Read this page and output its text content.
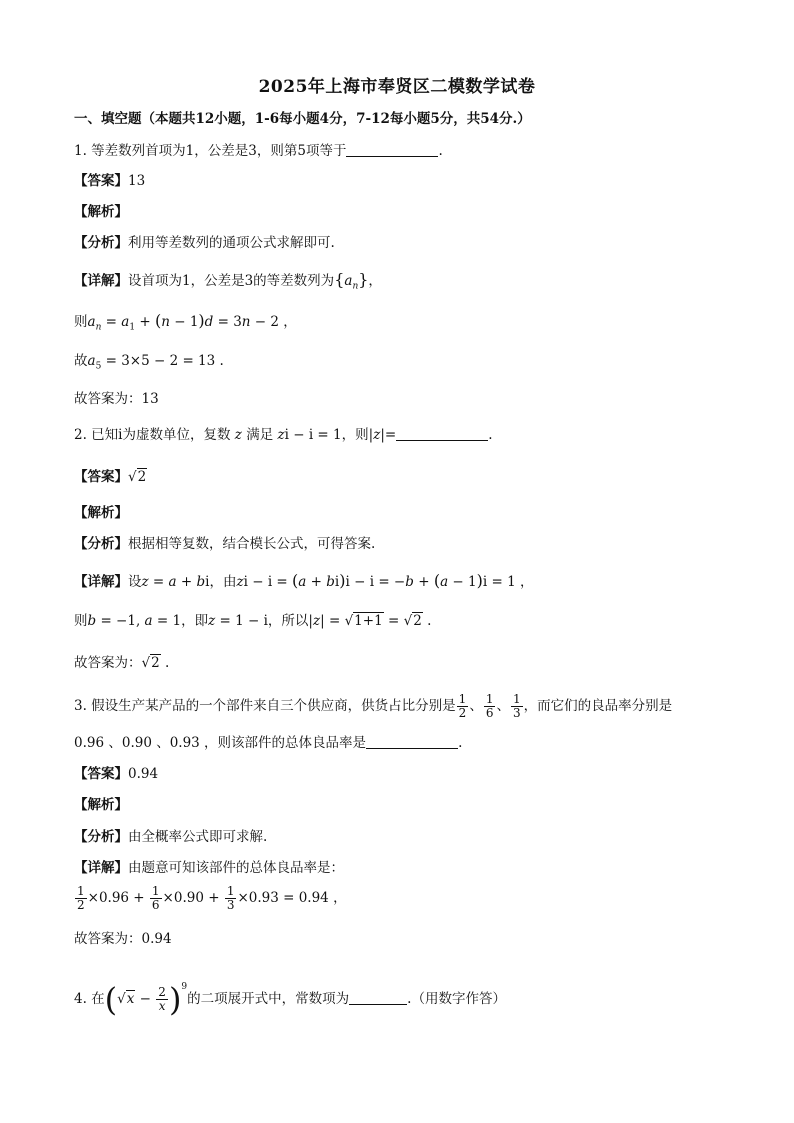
2025年上海市奉贤区二模数学试卷
一、填空题（本题共12小题，1-6每小题4分，7-12每小题5分，共54分.）
1. 等差数列首项为1，公差是3，则第5项等于	.
【答案】13
【解析】
【分析】利用等差数列的通项公式求解即可.
【详解】设首项为1，公差是3的等差数列为$\{a_n\}$，
则$a_n = a_1 + (n - 1)d = 3n - 2$ ，
故$a_5 = 3\times 5 - 2 = 13$ .
故答案为：13
2. 已知i为虚数单位，复数 z 满足 zi − i = 1，则|z|=	.
【答案】√2
【解析】
【分析】根据相等复数，结合模长公式，可得答案.
【详解】设z = a + bi，由zi − i = (a + bi)i − i = −b + (a − 1)i = 1 ，
则b = −1, a = 1，即z = 1 − i，所以|z| = √1+1 = √2 .
故答案为：√2 .
3. 假设生产某产品的一个部件来自三个供应商，供货占比分别是 $\frac{1}{2}$ 、 $\frac{1}{6}$ 、 $\frac{1}{3}$ ，而它们的良品率分别是
0.96 、0.90 、0.93 ，则该部件的总体良品率是	.
【答案】0.94
【解析】
【分析】由全概率公式即可求解.
【详解】由题意可知该部件的总体良品率是：
$\frac{1}{2} \times 0.96 + \frac{1}{6} \times 0.90 + \frac{1}{3} \times 0.93 = 0.94$ ，
故答案为：0.94
4. 在$(√x - \frac{2}{x} )^9$的二项展开式中，常数项为	.（用数字作答）
